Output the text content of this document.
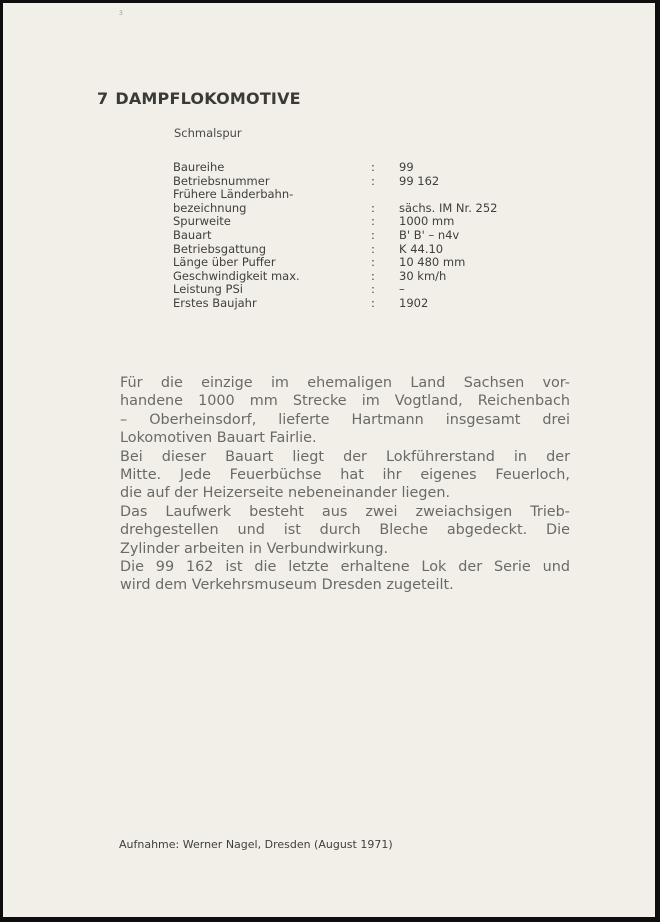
3
7 DAMPFLOKOMOTIVE
Schmalspur
Baureihe	:	99
Betriebsnummer	:	99 162
Frühere Länderbahn-
bezeichnung	:	sächs. IM Nr. 252
Spurweite	:	1000 mm
Bauart	:	B' B' – n4v
Betriebsgattung	:	K 44.10
Länge über Puffer	:	10 480 mm
Geschwindigkeit max.	:	30 km/h
Leistung PSi	:	–
Erstes Baujahr	:	1902

Für die einzige im ehemaligen Land Sachsen vor-

handene 1000 mm Strecke im Vogtland, Reichenbach

– Oberheinsdorf, lieferte Hartmann insgesamt drei

Lokomotiven Bauart Fairlie.

Bei dieser Bauart liegt der Lokführerstand in der

Mitte. Jede Feuerbüchse hat ihr eigenes Feuerloch,

die auf der Heizerseite nebeneinander liegen.

Das Laufwerk besteht aus zwei zweiachsigen Trieb-

drehgestellen und ist durch Bleche abgedeckt. Die

Zylinder arbeiten in Verbundwirkung.

Die 99 162 ist die letzte erhaltene Lok der Serie und

wird dem Verkehrsmuseum Dresden zugeteilt.

Aufnahme: Werner Nagel, Dresden (August 1971)
